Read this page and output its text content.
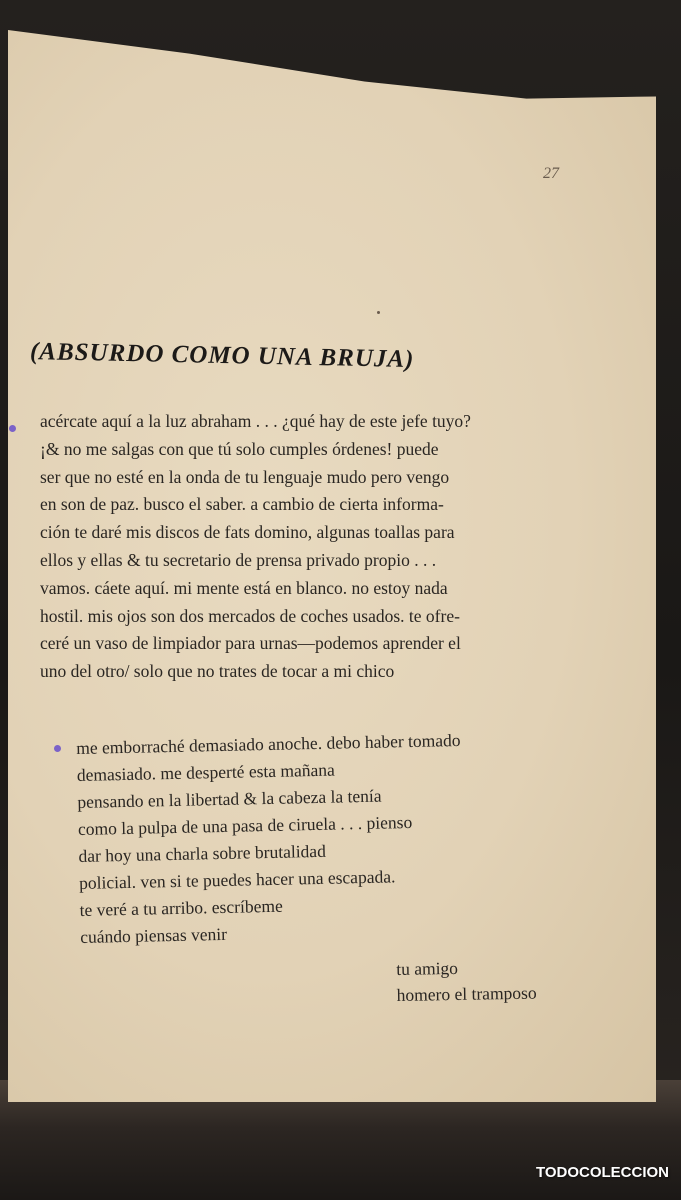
27
(ABSURDO COMO UNA BRUJA)
acércate aquí a la luz abraham . . . ¿qué hay de este jefe tuyo?
¡& no me salgas con que tú solo cumples órdenes! puede
ser que no esté en la onda de tu lenguaje mudo pero vengo
en son de paz. busco el saber. a cambio de cierta informa-
ción te daré mis discos de fats domino, algunas toallas para
ellos y ellas & tu secretario de prensa privado propio . . .
vamos. cáete aquí. mi mente está en blanco. no estoy nada
hostil. mis ojos son dos mercados de coches usados. te ofre-
ceré un vaso de limpiador para urnas—podemos aprender el
uno del otro/ solo que no trates de tocar a mi chico
me emborraché demasiado anoche. debo haber tomado
demasiado. me desperté esta mañana
pensando en la libertad & la cabeza la tenía
como la pulpa de una pasa de ciruela . . . pienso
dar hoy una charla sobre brutalidad
policial. ven si te puedes hacer una escapada.
te veré a tu arribo. escríbeme
cuándo piensas venir
tu amigo
homero el tramposo
TODOCOLECCION
